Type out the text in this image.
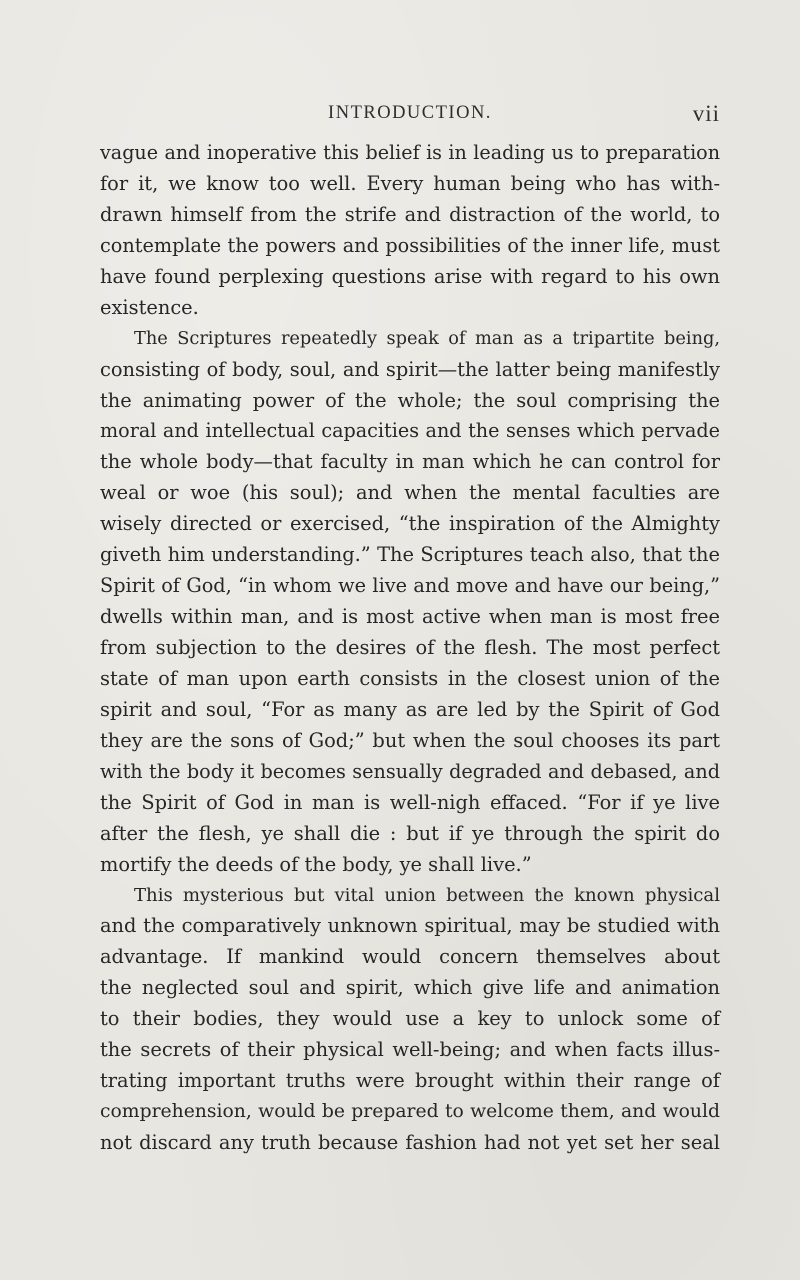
INTRODUCTION.	vii
vague and inoperative this belief is in leading us to preparation
for it, we know too well. Every human being who has with-
drawn himself from the strife and distraction of the world, to
contemplate the powers and possibilities of the inner life, must
have found perplexing questions arise with regard to his own
existence.
The Scriptures repeatedly speak of man as a tripartite being,
consisting of body, soul, and spirit—the latter being manifestly
the animating power of the whole; the soul comprising the
moral and intellectual capacities and the senses which pervade
the whole body—that faculty in man which he can control for
weal or woe (his soul); and when the mental faculties are
wisely directed or exercised, “the inspiration of the Almighty
giveth him understanding.” The Scriptures teach also, that the
Spirit of God, “in whom we live and move and have our being,”
dwells within man, and is most active when man is most free
from subjection to the desires of the flesh. The most perfect
state of man upon earth consists in the closest union of the
spirit and soul, “For as many as are led by the Spirit of God
they are the sons of God;” but when the soul chooses its part
with the body it becomes sensually degraded and debased, and
the Spirit of God in man is well-nigh effaced. “For if ye live
after the flesh, ye shall die : but if ye through the spirit do
mortify the deeds of the body, ye shall live.”
This mysterious but vital union between the known physical
and the comparatively unknown spiritual, may be studied with
advantage. If mankind would concern themselves about
the neglected soul and spirit, which give life and animation
to their bodies, they would use a key to unlock some of
the secrets of their physical well-being; and when facts illus-
trating important truths were brought within their range of
comprehension, would be prepared to welcome them, and would
not discard any truth because fashion had not yet set her seal
